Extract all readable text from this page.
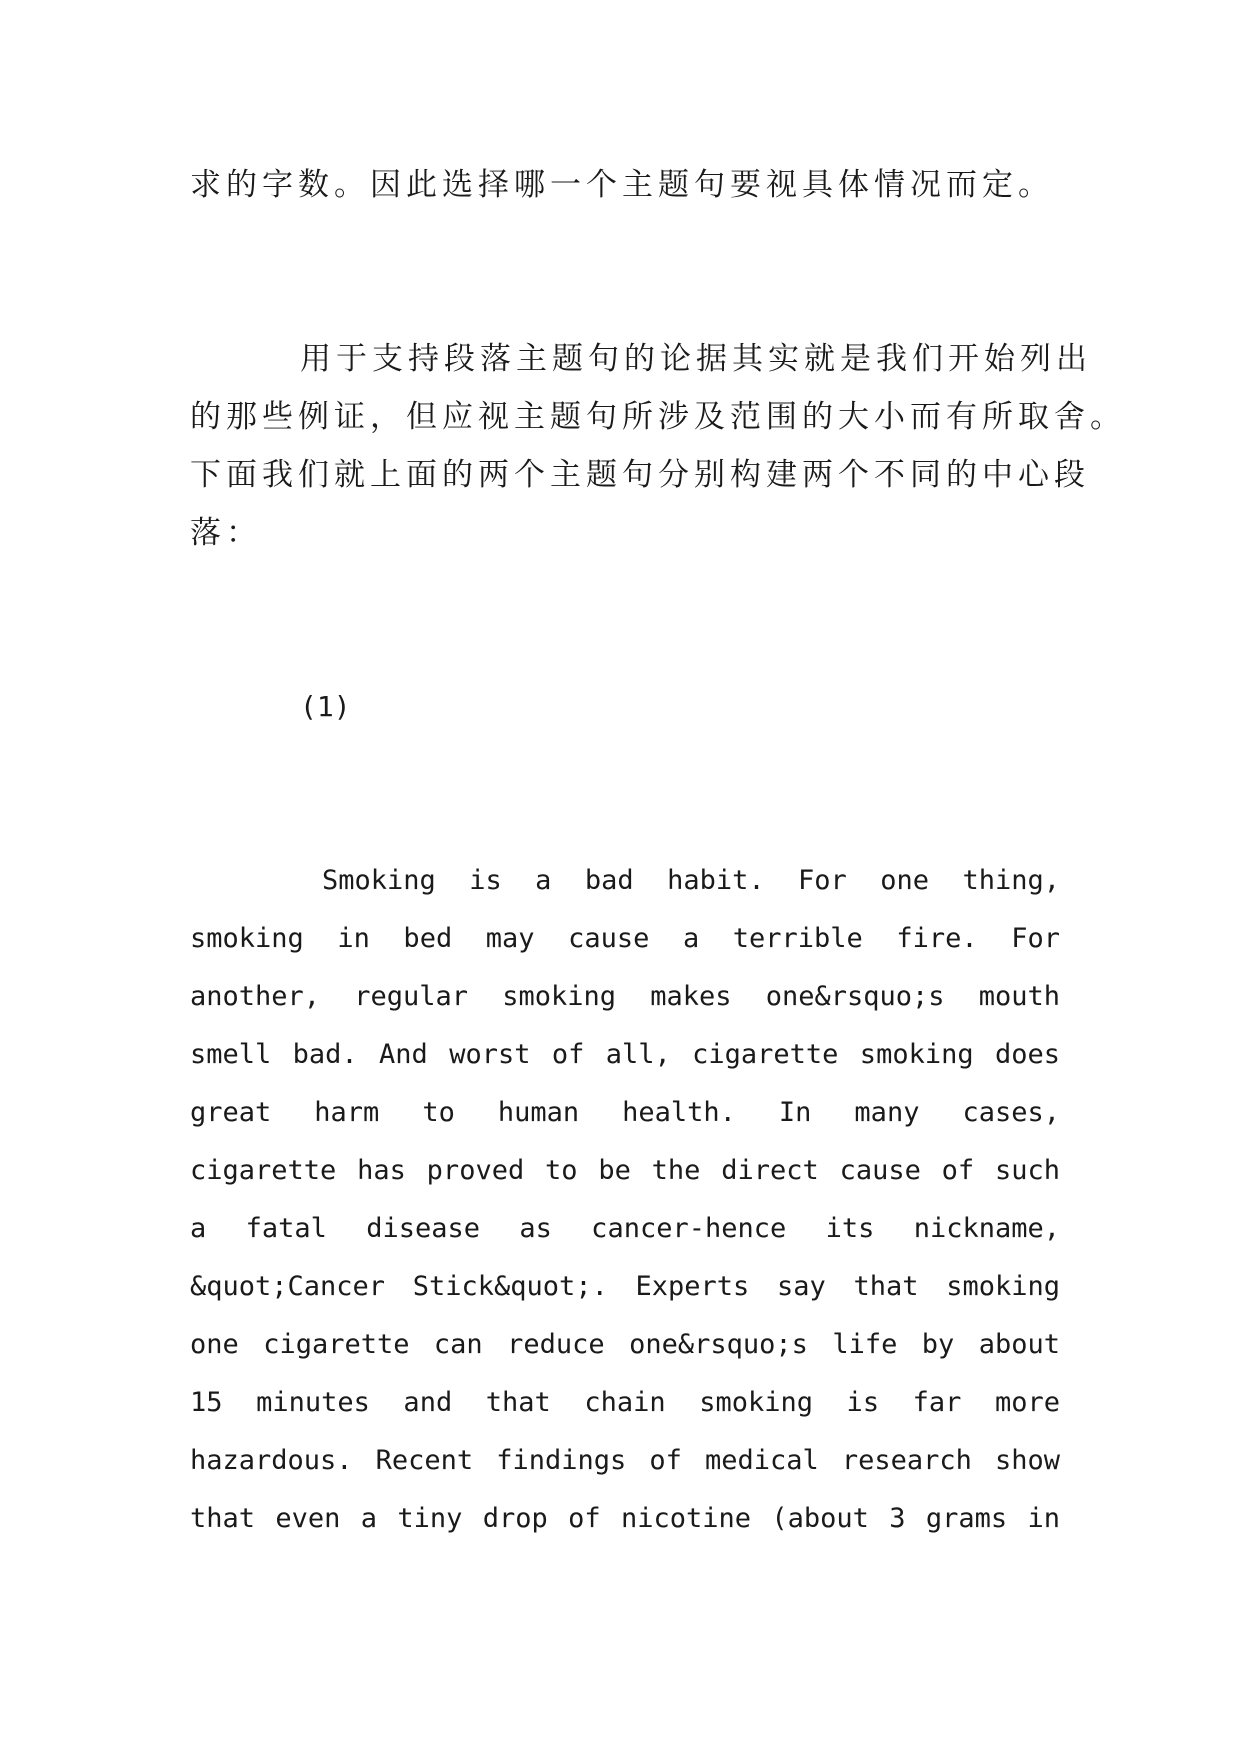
求的字数。因此选择哪一个主题句要视具体情况而定。
用于支持段落主题句的论据其实就是我们开始列出
的那些例证，但应视主题句所涉及范围的大小而有所取舍。
下面我们就上面的两个主题句分别构建两个不同的中心段
落：
(1)
Smoking is a bad habit. For one thing,
smoking in bed may cause a terrible fire. For
another, regular smoking makes one&rsquo;s mouth
smell bad. And worst of all, cigarette smoking does
great harm to human health. In many cases,
cigarette has proved to be the direct cause of such
a fatal disease as cancer-hence its nickname,
&quot;Cancer Stick&quot;. Experts say that smoking
one cigarette can reduce one&rsquo;s life by about
15 minutes and that chain smoking is far more
hazardous. Recent findings of medical research show
that even a tiny drop of nicotine (about 3 grams in
